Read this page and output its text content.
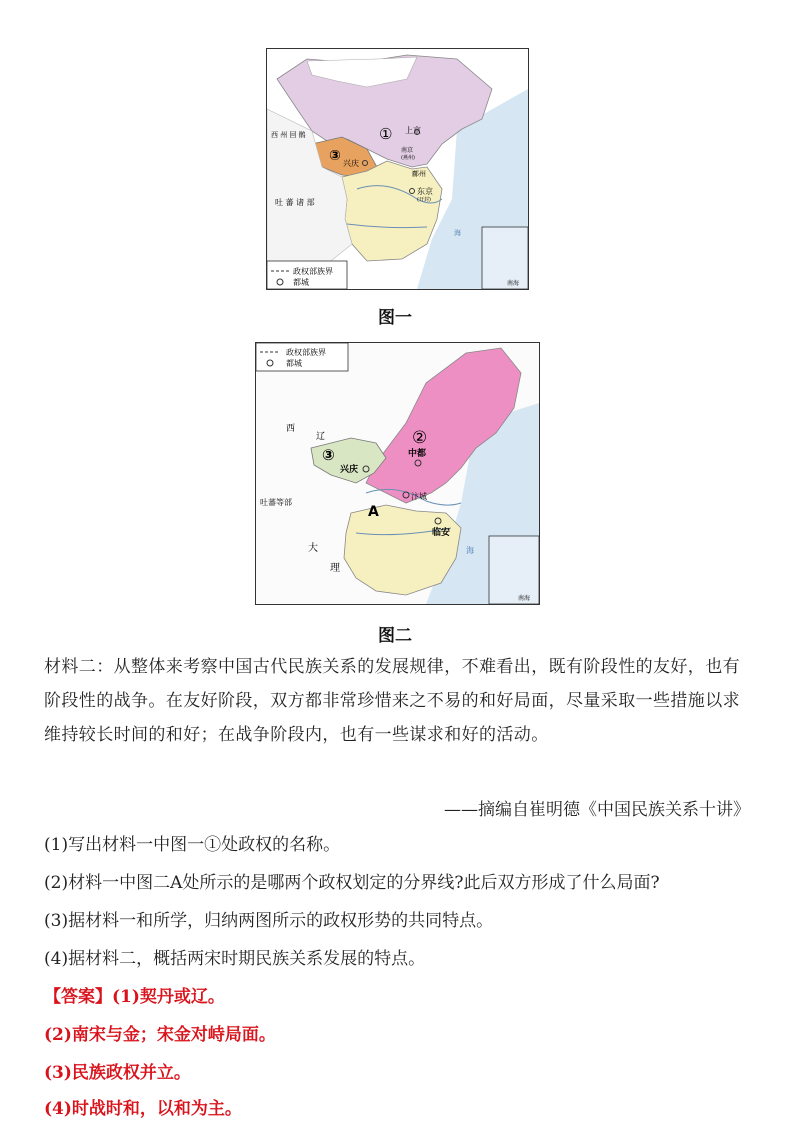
政权部族界
都城
①
③
上京
西 州 回 鹘
兴庆
南京
(燕州)
鄜州
东京
(开封)
吐 蕃 诸 部
海
南海
图一
政权部族界
都城
②
③
西
辽
兴庆
中都
汴城
A
吐蕃等部
大
理
临安
海
南海
图二
材料二：从整体来考察中国古代民族关系的发展规律，不难看出，既有阶段性的友好，也有阶段性的战争。在友好阶段，双方都非常珍惜来之不易的和好局面，尽量采取一些措施以求维持较长时间的和好；在战争阶段内，也有一些谋求和好的活动。
——摘编自崔明德《中国民族关系十讲》
(1)写出材料一中图一①处政权的名称。
(2)材料一中图二A处所示的是哪两个政权划定的分界线?此后双方形成了什么局面?
(3)据材料一和所学，归纳两图所示的政权形势的共同特点。
(4)据材料二，概括两宋时期民族关系发展的特点。
【答案】(1)契丹或辽。
(2)南宋与金；宋金对峙局面。
(3)民族政权并立。
(4)时战时和，以和为主。
